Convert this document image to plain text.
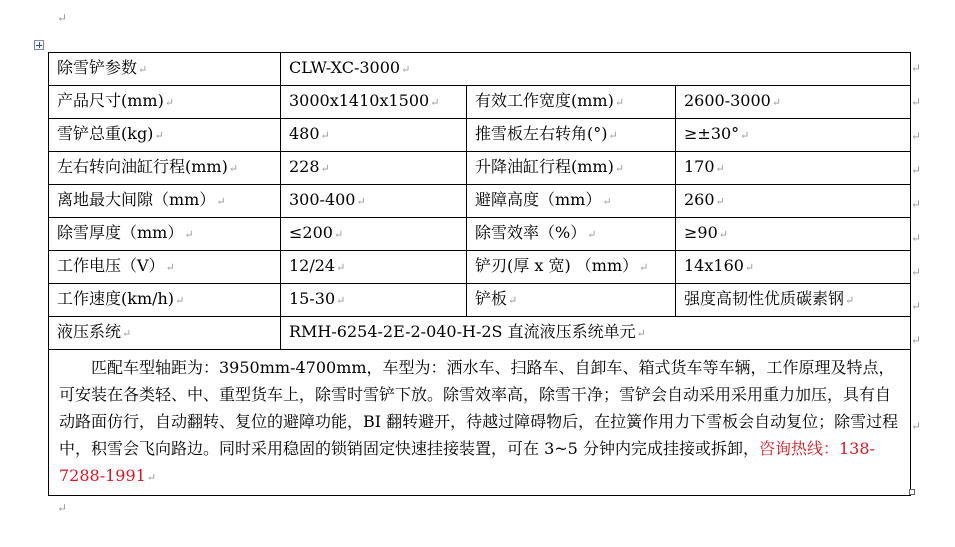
↵
除雪铲参数↵	CLW-XC-3000↵		
产品尺寸(mm)↵	3000x1410x1500↵	有效工作宽度(mm)↵	2600-3000↵
雪铲总重(kg)↵	480↵	推雪板左右转角(°)↵	≥±30°↵
左右转向油缸行程(mm)↵	228↵	升降油缸行程(mm)↵	170↵
离地最大间隙（mm）↵	300-400↵	避障高度（mm）↵	260↵
除雪厚度（mm）↵	≤200↵	除雪效率（%）↵	≥90↵
工作电压（V）↵	12/24↵	铲刃(厚 x 宽) （mm）↵	14x160↵
工作速度(km/h)↵	15-30↵	铲板↵	强度高韧性优质碳素钢↵
液压系统↵	RMH-6254-2E-2-040-H-2S 直流液压系统单元↵		
匹配车型轴距为：3950mm-4700mm，车型为：洒水车、扫路车、自卸车、箱式货车等车辆，工作原理及特点，可安装在各类轻、中、重型货车上，除雪时雪铲下放。除雪效率高，除雪干净；雪铲会自动采用采用重力加压，具有自动路面仿行，自动翻转、复位的避障功能，BI 翻转避开，待越过障碍物后，在拉簧作用力下雪板会自动复位；除雪过程中，积雪会飞向路边。同时采用稳固的锁销固定快速挂接装置，可在 3~5 分钟内完成挂接或拆卸，咨询热线：138-7288-1991↵			
↵
↵
↵
↵
↵
↵
↵
↵
↵
↵
↵
